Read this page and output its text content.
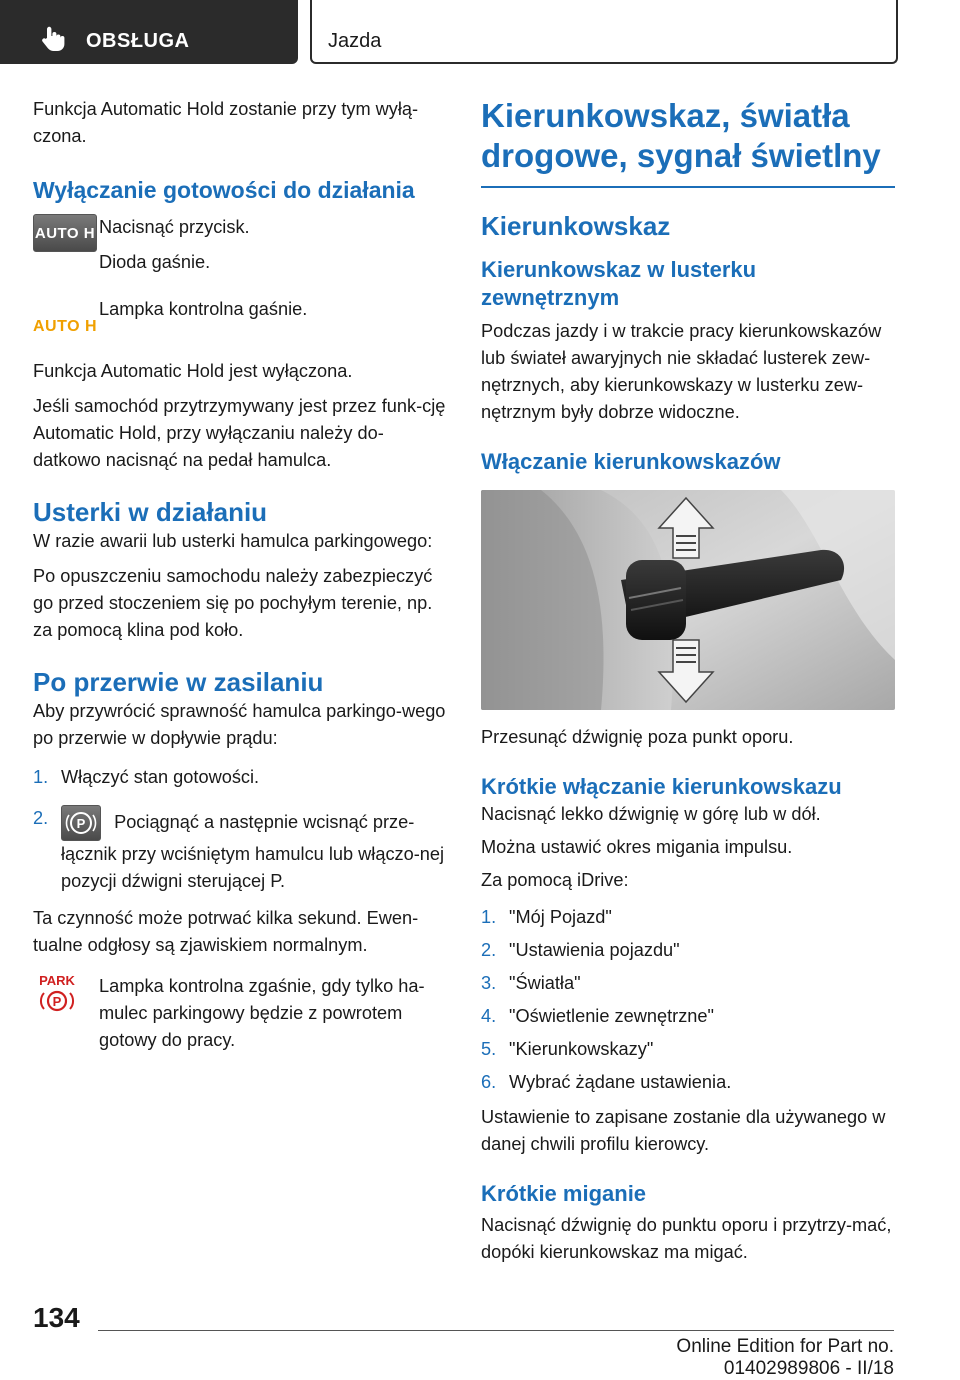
OBSŁUGA	Jazda

Funkcja Automatic Hold zostanie przy tym wyłą-czona.

Wyłączanie gotowości do działania
AUTO H Nacisnąć przycisk.

Dioda gaśnie.

AUTO H

Lampka kontrolna gaśnie.

Funkcja Automatic Hold jest wyłączona.

Jeśli samochód przytrzymywany jest przez funk-cję Automatic Hold, przy wyłączaniu należy do-datkowo nacisnąć na pedał hamulca.

Usterki w działaniu

W razie awarii lub usterki hamulca parkingowego:

Po opuszczeniu samochodu należy zabezpieczyć go przed stoczeniem się po pochyłym terenie, np. za pomocą klina pod koło.

Po przerwie w zasilaniu

Aby przywrócić sprawność hamulca parkingo-wego po przerwie w dopływie prądu:

1. Włączyć stan gotowości.
2.	P Pociągnąć a następnie wcisnąć prze-łącznik przy wciśniętym hamulcu lub włączo-nej pozycji dźwigni sterującej P.

Ta czynność może potrwać kilka sekund. Ewen-tualne odgłosy są zjawiskiem normalnym.

PARK
P

Lampka kontrolna zgaśnie, gdy tylko ha-mulec parkingowy będzie z powrotem gotowy do pracy.

Kierunkowskaz, światła drogowe, sygnał świetlny
Kierunkowskaz
Kierunkowskaz w lusterku zewnętrznym

Podczas jazdy i w trakcie pracy kierunkowskazów lub świateł awaryjnych nie składać lusterek zew-nętrznych, aby kierunkowskazy w lusterku zew-nętrznym były dobrze widoczne.

Włączanie kierunkowskazów

Przesunąć dźwignię poza punkt oporu.

Krótkie włączanie kierunkowskazu

Nacisnąć lekko dźwignię w górę lub w dół.

Można ustawić okres migania impulsu.

Za pomocą iDrive:

1. "Mój Pojazd"
2. "Ustawienia pojazdu"
3. "Światła"
4. "Oświetlenie zewnętrzne"
5. "Kierunkowskazy"
6. Wybrać żądane ustawienia.

Ustawienie to zapisane zostanie dla używanego w danej chwili profilu kierowcy.

Krótkie miganie

Nacisnąć dźwignię do punktu oporu i przytrzy-mać, dopóki kierunkowskaz ma migać.

134
Online Edition for Part no. 01402989806 - II/18
